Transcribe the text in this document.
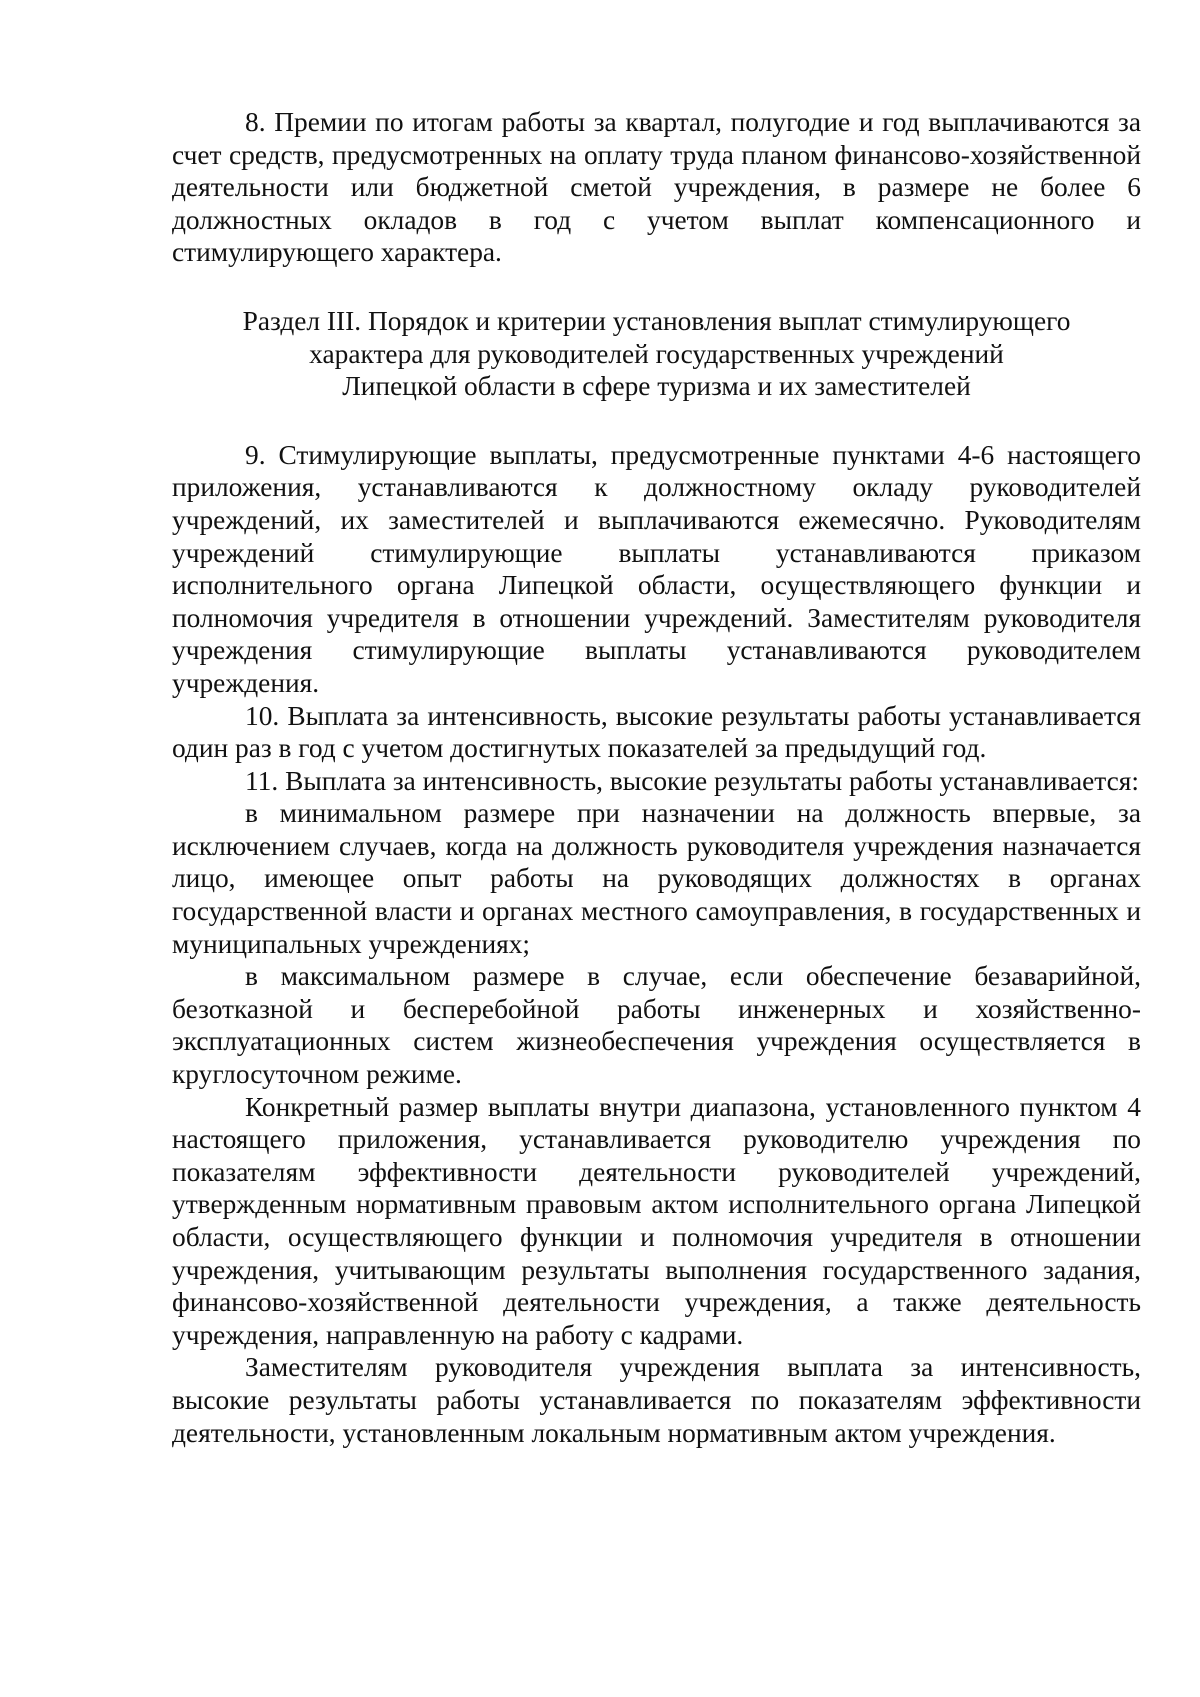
8. Премии по итогам работы за квартал, полугодие и год выплачиваются за счет средств, предусмотренных на оплату труда планом финансово-хозяйственной деятельности или бюджетной сметой учреждения, в размере не более 6 должностных окладов в год с учетом выплат компенсационного и стимулирующего характера.

Раздел III. Порядок и критерии установления выплат стимулирующего
характера для руководителей государственных учреждений
Липецкой области в сфере туризма и их заместителей

9. Стимулирующие выплаты, предусмотренные пунктами 4-6 настоящего приложения, устанавливаются к должностному окладу руководителей учреждений, их заместителей и выплачиваются ежемесячно. Руководителям учреждений стимулирующие выплаты устанавливаются приказом исполнительного органа Липецкой области, осуществляющего функции и полномочия учредителя в отношении учреждений. Заместителям руководителя учреждения стимулирующие выплаты устанавливаются руководителем учреждения.

10. Выплата за интенсивность, высокие результаты работы устанавливается один раз в год с учетом достигнутых показателей за предыдущий год.

11. Выплата за интенсивность, высокие результаты работы устанавливается:

в минимальном размере при назначении на должность впервые, за исключением случаев, когда на должность руководителя учреждения назначается лицо, имеющее опыт работы на руководящих должностях в органах государственной власти и органах местного самоуправления, в государственных и муниципальных учреждениях;

в максимальном размере в случае, если обеспечение безаварийной, безотказной и бесперебойной работы инженерных и хозяйственно-эксплуатационных систем жизнеобеспечения учреждения осуществляется в круглосуточном режиме.

Конкретный размер выплаты внутри диапазона, установленного пунктом 4 настоящего приложения, устанавливается руководителю учреждения по показателям эффективности деятельности руководителей учреждений, утвержденным нормативным правовым актом исполнительного органа Липецкой области, осуществляющего функции и полномочия учредителя в отношении учреждения, учитывающим результаты выполнения государственного задания, финансово-хозяйственной деятельности учреждения, а также деятельность учреждения, направленную на работу с кадрами.

Заместителям руководителя учреждения выплата за интенсивность, высокие результаты работы устанавливается по показателям эффективности деятельности, установленным локальным нормативным актом учреждения.
